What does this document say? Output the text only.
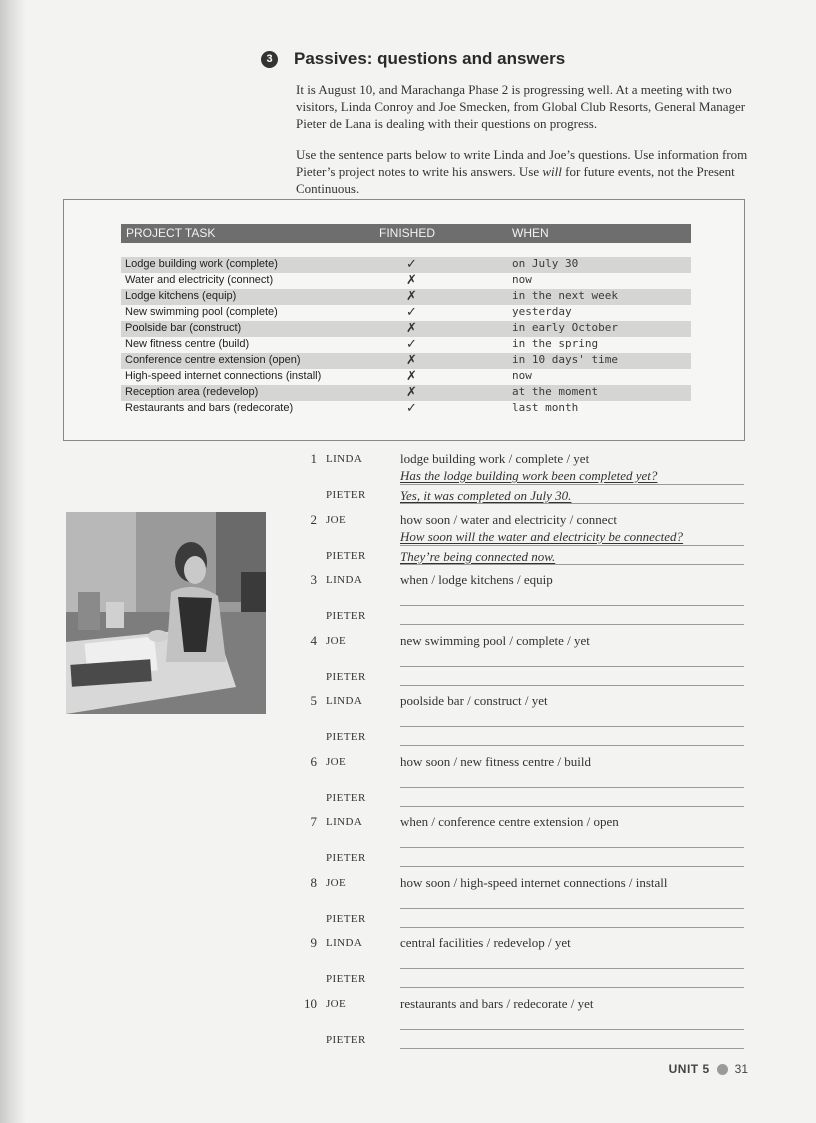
3	Passives: questions and answers
It is August 10, and Marachanga Phase 2 is progressing well. At a meeting with two visitors, Linda Conroy and Joe Smecken, from Global Club Resorts, General Manager Pieter de Lana is dealing with their questions on progress.
Use the sentence parts below to write Linda and Joe’s questions. Use information from Pieter’s project notes to write his answers. Use will for future events, not the Present Continuous.
PROJECT TASK	FINISHED	WHEN
Lodge building work (complete)	✓	on July 30
Water and electricity (connect)	✗	now
Lodge kitchens (equip)	✗	in the next week
New swimming pool (complete)	✓	yesterday
Poolside bar (construct)	✗	in early October
New fitness centre (build)	✓	in the spring
Conference centre extension (open)	✗	in 10 days' time
High-speed internet connections (install)	✗	now
Reception area (redevelop)	✗	at the moment
Restaurants and bars (redecorate)	✓	last month
1 LINDA	lodge building work / complete / yet
PIETER
Has the lodge building work been completed yet?
Yes, it was completed on July 30.
2 JOE	how soon / water and electricity / connect
PIETER
How soon will the water and electricity be connected?
They’re being connected now.
3 LINDA	when / lodge kitchens / equip
PIETER
4 JOE	new swimming pool / complete / yet
PIETER
5 LINDA	poolside bar / construct / yet
PIETER
6 JOE	how soon / new fitness centre / build
PIETER
7 LINDA	when / conference centre extension / open
PIETER
8 JOE	how soon / high-speed internet connections / install
PIETER
9 LINDA	central facilities / redevelop / yet
PIETER
10 JOE	restaurants and bars / redecorate / yet
PIETER
UNIT 5 31
